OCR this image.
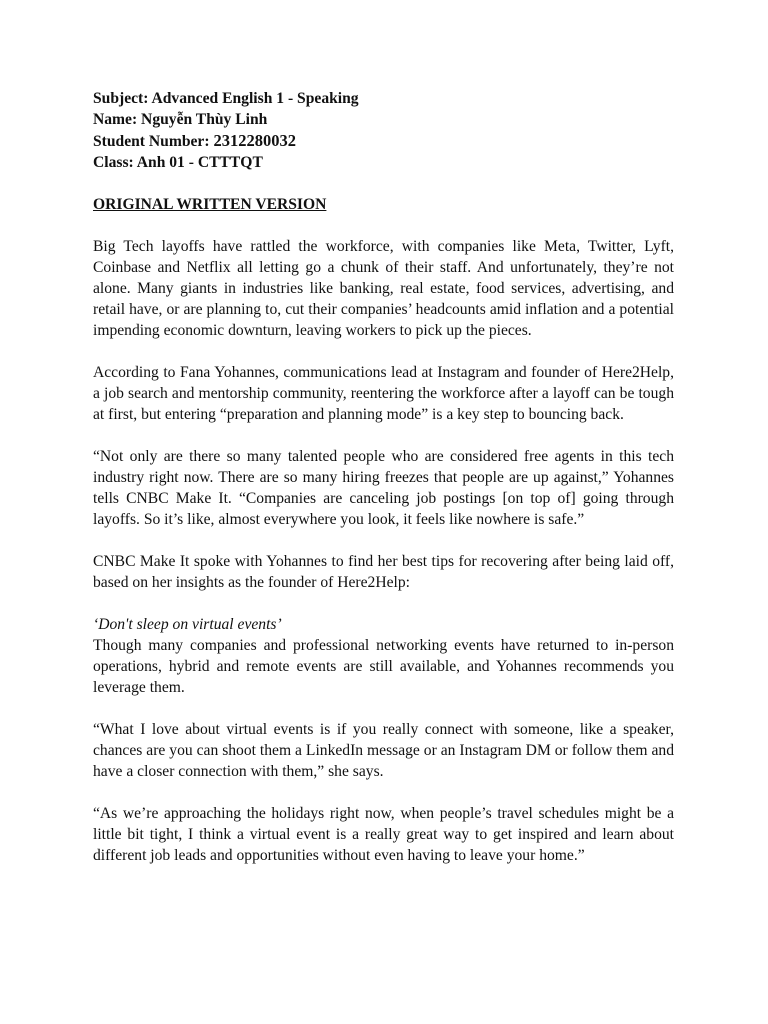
Subject: Advanced English 1 - Speaking
Name: Nguyễn Thùy Linh
Student Number: 2312280032
Class: Anh 01 - CTTTQT
ORIGINAL WRITTEN VERSION

Big Tech layoffs have rattled the workforce, with companies like Meta, Twitter, Lyft, Coinbase and Netflix all letting go a chunk of their staff. And unfortunately, they’re not alone. Many giants in industries like banking, real estate, food services, advertising, and retail have, or are planning to, cut their companies’ headcounts amid inflation and a potential impending economic downturn, leaving workers to pick up the pieces.

According to Fana Yohannes, communications lead at Instagram and founder of Here2Help, a job search and mentorship community, reentering the workforce after a layoff can be tough at first, but entering “preparation and planning mode” is a key step to bouncing back.

“Not only are there so many talented people who are considered free agents in this tech industry right now. There are so many hiring freezes that people are up against,” Yohannes tells CNBC Make It. “Companies are canceling job postings [on top of] going through layoffs. So it’s like, almost everywhere you look, it feels like nowhere is safe.”

CNBC Make It spoke with Yohannes to find her best tips for recovering after being laid off, based on her insights as the founder of Here2Help:

‘Don't sleep on virtual events’

Though many companies and professional networking events have returned to in-person operations, hybrid and remote events are still available, and Yohannes recommends you leverage them.

“What I love about virtual events is if you really connect with someone, like a speaker, chances are you can shoot them a LinkedIn message or an Instagram DM or follow them and have a closer connection with them,” she says.

“As we’re approaching the holidays right now, when people’s travel schedules might be a little bit tight, I think a virtual event is a really great way to get inspired and learn about different job leads and opportunities without even having to leave your home.”
